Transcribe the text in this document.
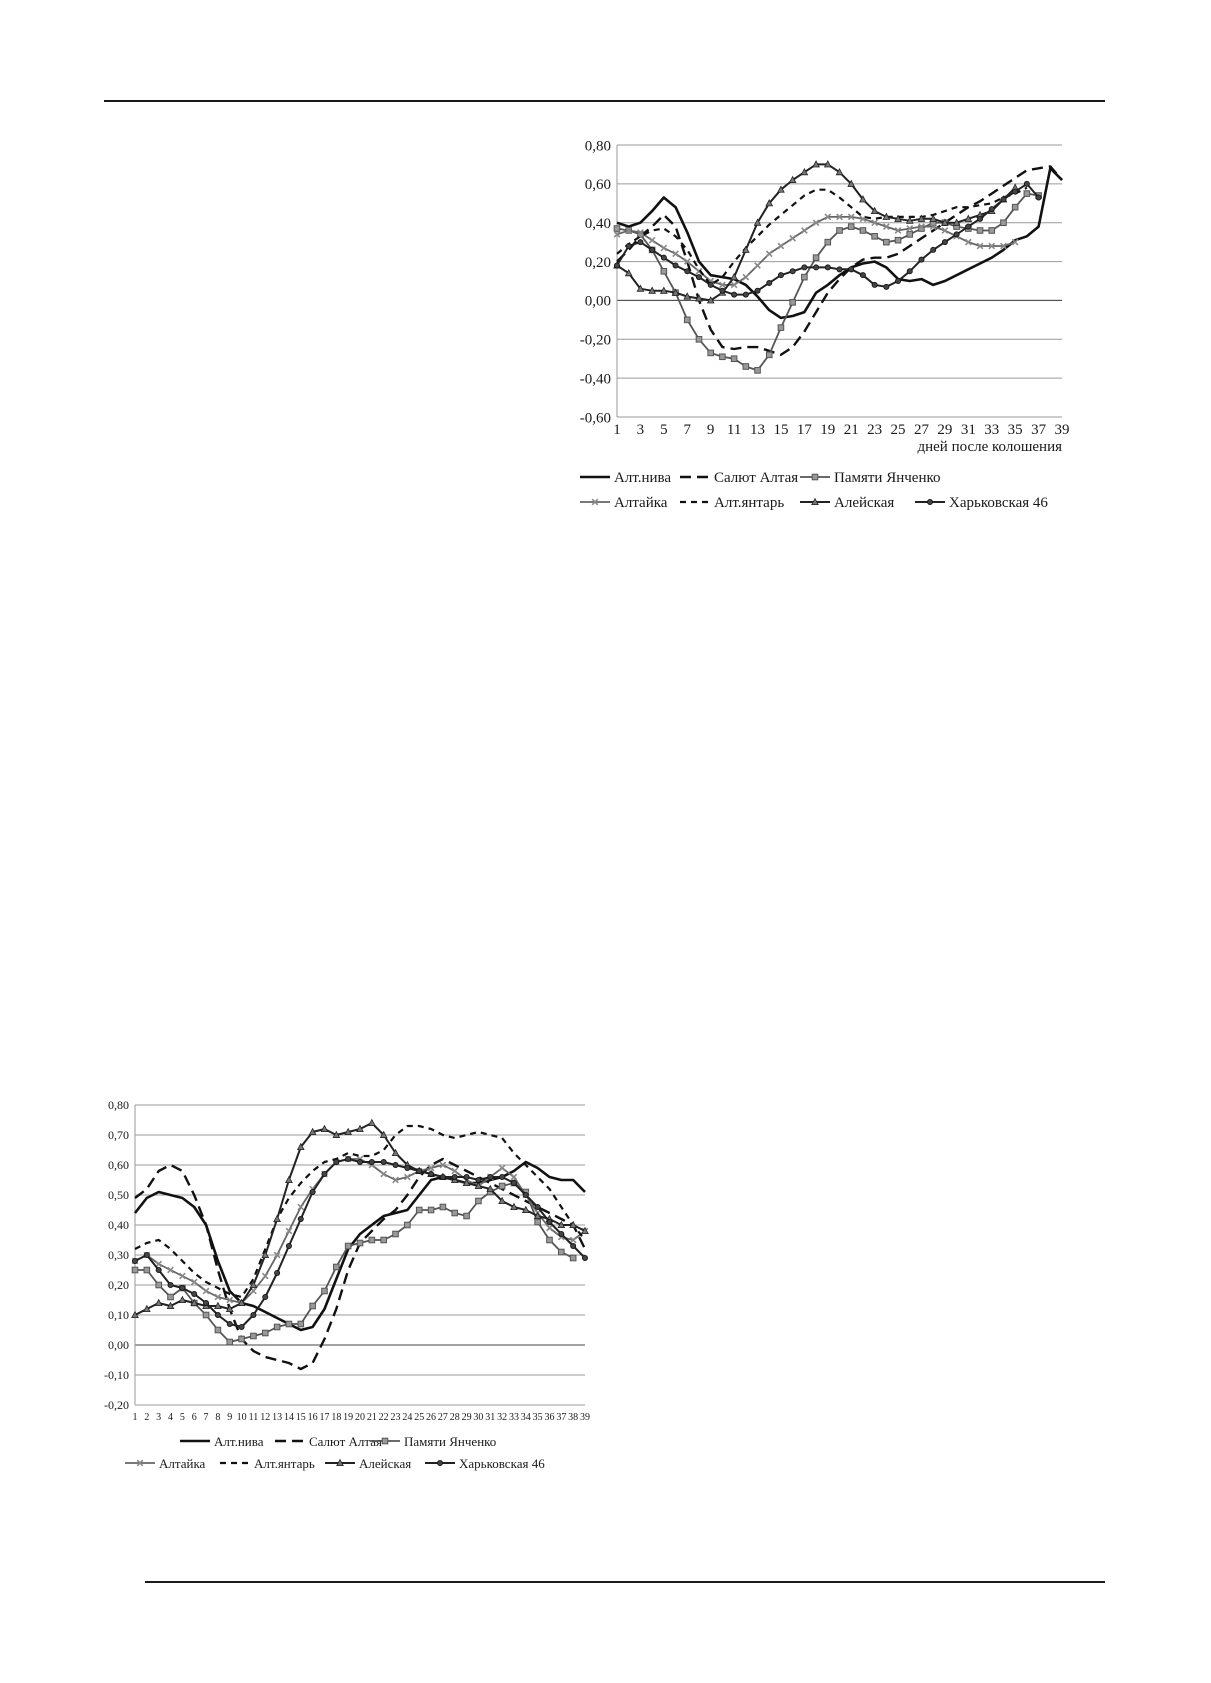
0,80
0,60
0,40
0,20
0,00
-0,20
-0,40
-0,60
1 3 5 7 9 11 13 15 17 19 21 23 25 27 29 31 33 35 37 39
дней после колошения
Алт.нива	Салют Алтая Памяти Янченко
Алтайка	Алт.янтарь	Алейская	Харьковская 46
0,80
0,70
0,60
0,50
0,40
0,30
0,20
0,10
0,00
-0,10
-0,20
1 2 3 4 5 6 7 8 9 10 11 12 13 14 15 16 17 18 19 20 21 22 23 24 25 26 27 28 29 30 31 32 33 34 35 36 37 38 39
Алт.нива	Салют Алтая Памяти Янченко
Алтайка	Алт.янтарь	Алейская	Харьковская 46
